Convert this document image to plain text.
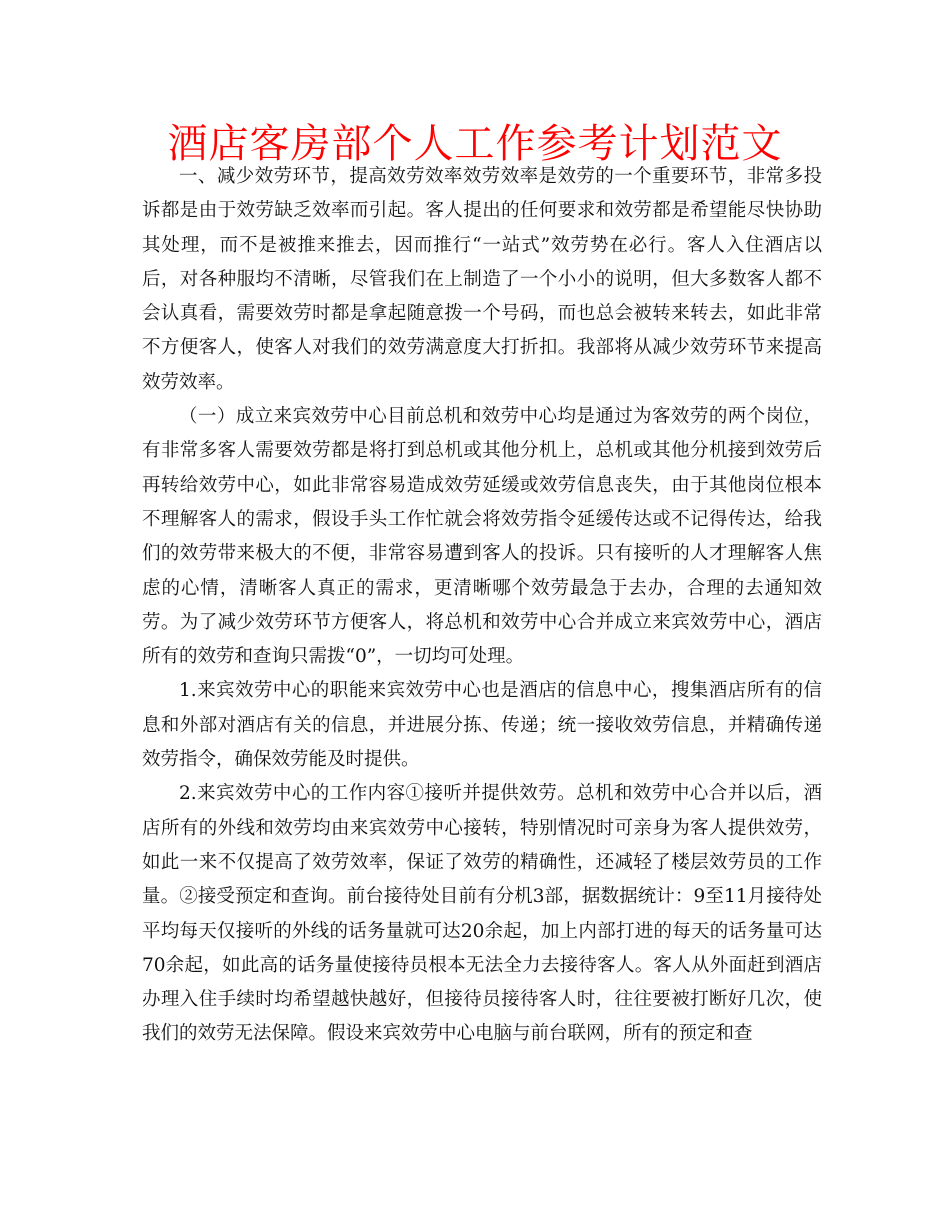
酒店客房部个人工作参考计划范文

一、减少效劳环节，提高效劳效率效劳效率是效劳的一个重要环节，非常多投诉都是由于效劳缺乏效率而引起。客人提出的任何要求和效劳都是希望能尽快协助其处理，而不是被推来推去，因而推行“一站式”效劳势在必行。客人入住酒店以后，对各种服均不清晰，尽管我们在上制造了一个小小的说明，但大多数客人都不会认真看，需要效劳时都是拿起随意拨一个号码，而也总会被转来转去，如此非常不方便客人，使客人对我们的效劳满意度大打折扣。我部将从减少效劳环节来提高效劳效率。

（一）成立来宾效劳中心目前总机和效劳中心均是通过为客效劳的两个岗位，有非常多客人需要效劳都是将打到总机或其他分机上，总机或其他分机接到效劳后再转给效劳中心，如此非常容易造成效劳延缓或效劳信息丧失，由于其他岗位根本不理解客人的需求，假设手头工作忙就会将效劳指令延缓传达或不记得传达，给我们的效劳带来极大的不便，非常容易遭到客人的投诉。只有接听的人才理解客人焦虑的心情，清晰客人真正的需求，更清晰哪个效劳最急于去办，合理的去通知效劳。为了减少效劳环节方便客人，将总机和效劳中心合并成立来宾效劳中心，酒店所有的效劳和查询只需拨“0”，一切均可处理。

1.来宾效劳中心的职能来宾效劳中心也是酒店的信息中心，搜集酒店所有的信息和外部对酒店有关的信息，并进展分拣、传递；统一接收效劳信息，并精确传递效劳指令，确保效劳能及时提供。

2.来宾效劳中心的工作内容①接听并提供效劳。总机和效劳中心合并以后，酒店所有的外线和效劳均由来宾效劳中心接转，特别情况时可亲身为客人提供效劳，如此一来不仅提高了效劳效率，保证了效劳的精确性，还减轻了楼层效劳员的工作量。②接受预定和查询。前台接待处目前有分机3部，据数据统计：9至11月接待处平均每天仅接听的外线的话务量就可达20余起，加上内部打进的每天的话务量可达70余起，如此高的话务量使接待员根本无法全力去接待客人。客人从外面赶到酒店办理入住手续时均希望越快越好，但接待员接待客人时，往往要被打断好几次，使我们的效劳无法保障。假设来宾效劳中心电脑与前台联网，所有的预定和查
